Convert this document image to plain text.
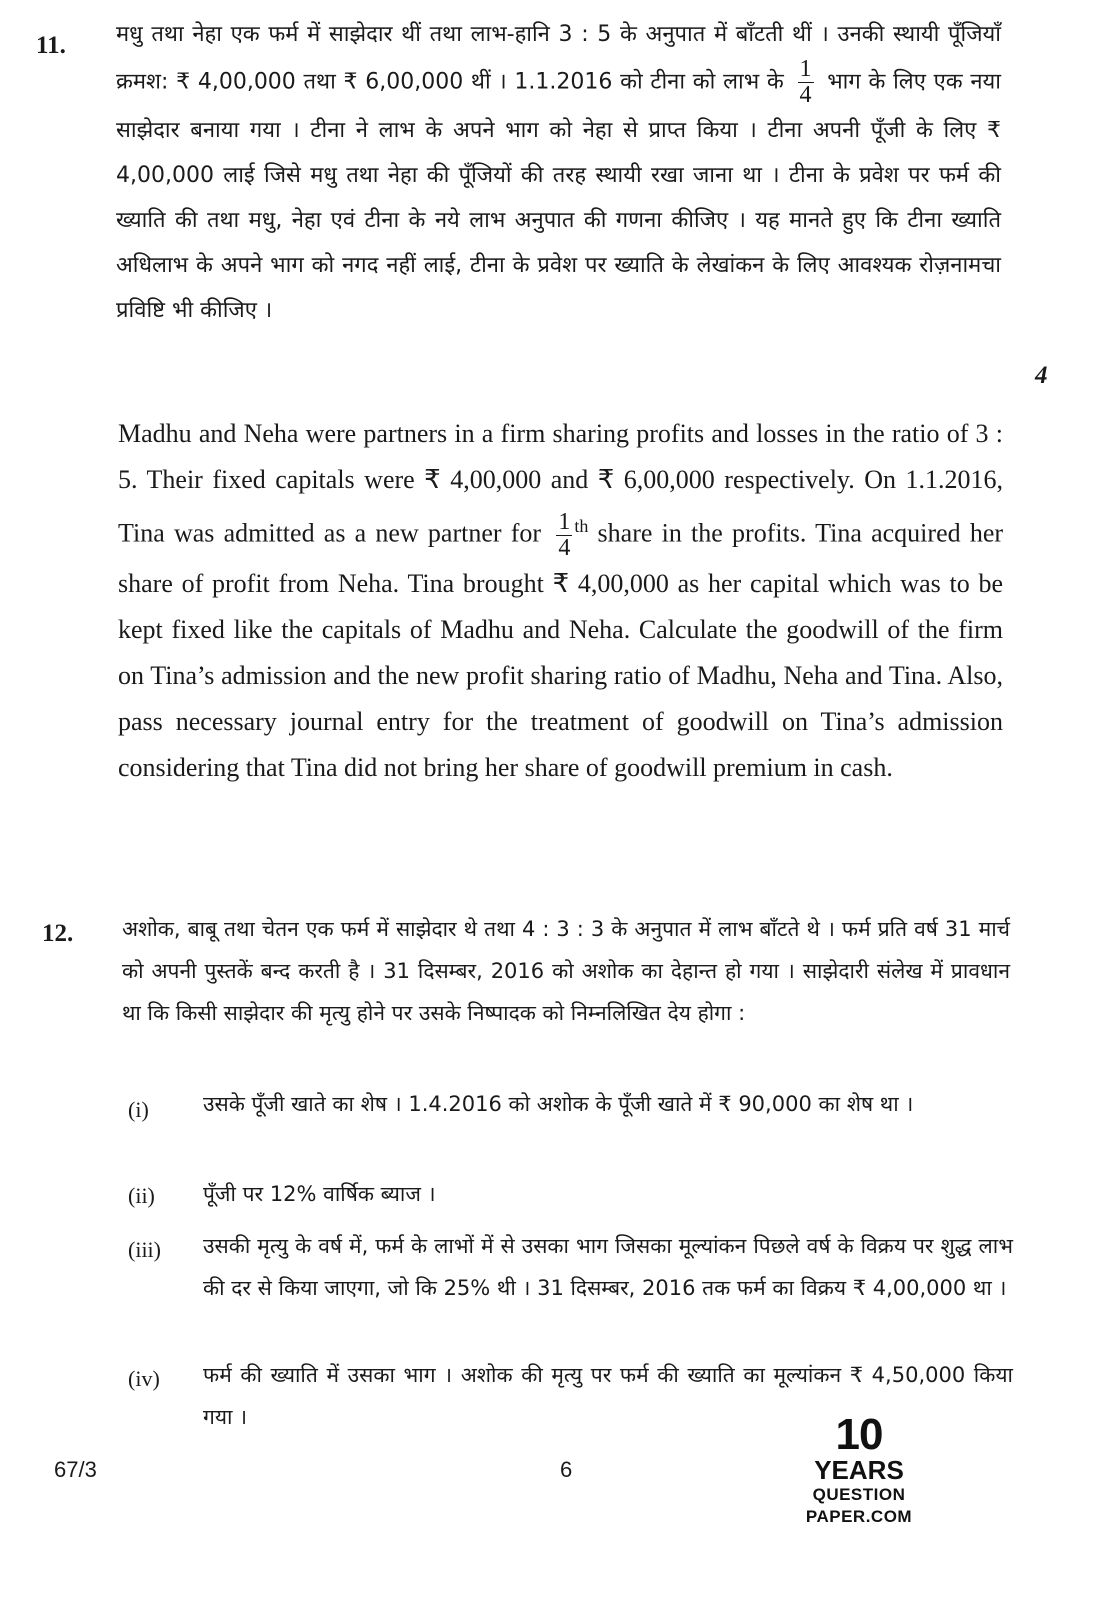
11. मधु तथा नेहा एक फर्म में साझेदार थीं तथा लाभ-हानि 3 : 5 के अनुपात में बाँटती थीं । उनकी स्थायी पूँजियाँ क्रमश: ₹ 4,00,000 तथा ₹ 6,00,000 थीं । 1.1.2016 को टीना को लाभ के $\frac{1}{4}$ भाग के लिए एक नया साझेदार बनाया गया । टीना ने लाभ के अपने भाग को नेहा से प्राप्त किया । टीना अपनी पूँजी के लिए ₹ 4,00,000 लाई जिसे मधु तथा नेहा की पूँजियों की तरह स्थायी रखा जाना था । टीना के प्रवेश पर फर्म की ख्याति की तथा मधु, नेहा एवं टीना के नये लाभ अनुपात की गणना कीजिए । यह मानते हुए कि टीना ख्याति अधिलाभ के अपने भाग को नगद नहीं लाई, टीना के प्रवेश पर ख्याति के लेखांकन के लिए आवश्यक रोज़नामचा प्रविष्टि भी कीजिए ।
4
Madhu and Neha were partners in a firm sharing profits and losses in the ratio of 3 : 5. Their fixed capitals were ₹ 4,00,000 and ₹ 6,00,000 respectively. On 1.1.2016, Tina was admitted as a new partner for $\frac{1}{4} ^{th}$ share in the profits. Tina acquired her share of profit from Neha. Tina brought ₹ 4,00,000 as her capital which was to be kept fixed like the capitals of Madhu and Neha. Calculate the goodwill of the firm on Tina’s admission and the new profit sharing ratio of Madhu, Neha and Tina. Also, pass necessary journal entry for the treatment of goodwill on Tina’s admission considering that Tina did not bring her share of goodwill premium in cash.
12. अशोक, बाबू तथा चेतन एक फर्म में साझेदार थे तथा 4 : 3 : 3 के अनुपात में लाभ बाँटते थे । फर्म प्रति वर्ष 31 मार्च को अपनी पुस्तकें बन्द करती है । 31 दिसम्बर, 2016 को अशोक का देहान्त हो गया । साझेदारी संलेख में प्रावधान था कि किसी साझेदार की मृत्यु होने पर उसके निष्पादक को निम्नलिखित देय होगा :
(i)	उसके पूँजी खाते का शेष । 1.4.2016 को अशोक के पूँजी खाते में ₹ 90,000 का शेष था ।
(ii) पूँजी पर 12% वार्षिक ब्याज ।
(iii) उसकी मृत्यु के वर्ष में, फर्म के लाभों में से उसका भाग जिसका मूल्यांकन पिछले वर्ष के विक्रय पर शुद्ध लाभ की दर से किया जाएगा, जो कि 25% थी । 31 दिसम्बर, 2016 तक फर्म का विक्रय ₹ 4,00,000 था ।
(iv) फर्म की ख्याति में उसका भाग । अशोक की मृत्यु पर फर्म की ख्याति का मूल्यांकन ₹ 4,50,000 किया गया ।
67/3	6
10
YEARS
QUESTION PAPER.COM
